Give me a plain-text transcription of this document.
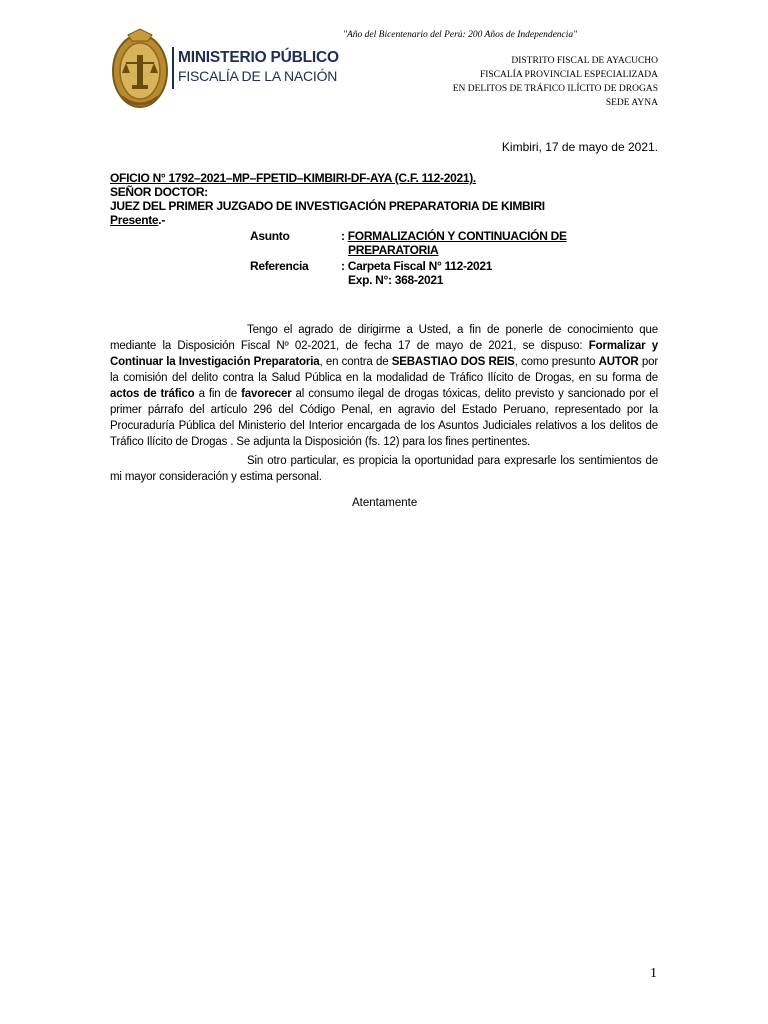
"Año del Bicentenario del Perú: 200 Años de Independencia"
MINISTERIO PÚBLICO
FISCALÍA DE LA NACIÓN
DISTRITO FISCAL DE AYACUCHO
FISCALÍA PROVINCIAL ESPECIALIZADA
EN DELITOS DE TRÁFICO ILÍCITO DE DROGAS
SEDE AYNA
Kimbiri, 17 de mayo de 2021.
OFICIO N° 1792–2021–MP–FPETID–KIMBIRI-DF-AYA (C.F. 112-2021).
SEÑOR DOCTOR:
JUEZ DEL PRIMER JUZGADO DE INVESTIGACIÓN PREPARATORIA DE KIMBIRI
Presente.-
Asunto	: FORMALIZACIÓN Y CONTINUACIÓN DE
PREPARATORIA
Referencia	: Carpeta Fiscal N° 112-2021
Exp. N°: 368-2021
Tengo el agrado de dirigirme a Usted, a fin de ponerle de conocimiento que mediante la Disposición Fiscal Nº 02-2021, de fecha 17 de mayo de 2021, se dispuso: Formalizar y Continuar la Investigación Preparatoria, en contra de SEBASTIAO DOS REIS, como presunto AUTOR por la comisión del delito contra la Salud Pública en la modalidad de Tráfico Ilícito de Drogas, en su forma de actos de tráfico a fin de favorecer al consumo ilegal de drogas tóxicas, delito previsto y sancionado por el primer párrafo del artículo 296 del Código Penal, en agravio del Estado Peruano, representado por la Procuraduría Pública del Ministerio del Interior encargada de los Asuntos Judiciales relativos a los delitos de Tráfico Ilícito de Drogas . Se adjunta la Disposición (fs. 12) para los fines pertinentes.
Sin otro particular, es propicia la oportunidad para expresarle los sentimientos de mi mayor consideración y estima personal.
Atentamente
1
